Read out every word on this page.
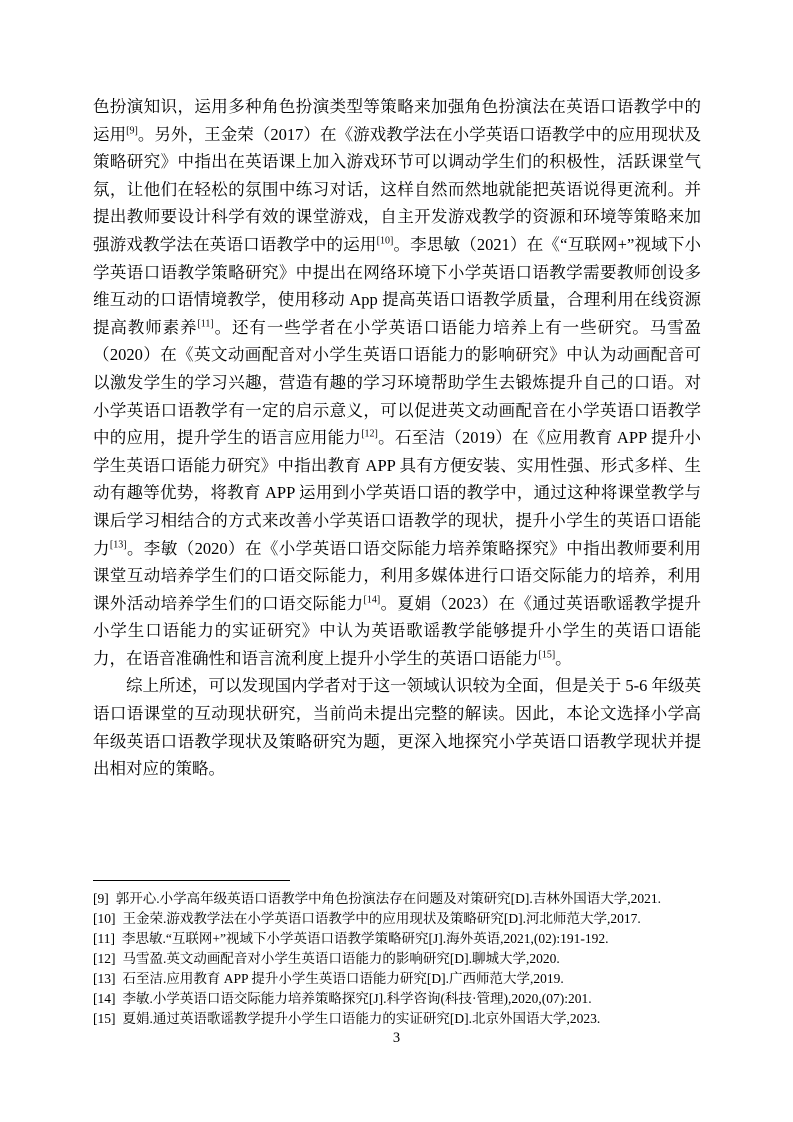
色扮演知识，运用多种角色扮演类型等策略来加强角色扮演法在英语口语教学中的运用[9]。另外，王金荣（2017）在《游戏教学法在小学英语口语教学中的应用现状及策略研究》中指出在英语课上加入游戏环节可以调动学生们的积极性，活跃课堂气氛，让他们在轻松的氛围中练习对话，这样自然而然地就能把英语说得更流利。并提出教师要设计科学有效的课堂游戏，自主开发游戏教学的资源和环境等策略来加强游戏教学法在英语口语教学中的运用[10]。李思敏（2021）在《“互联网+”视域下小学英语口语教学策略研究》中提出在网络环境下小学英语口语教学需要教师创设多维互动的口语情境教学，使用移动 App 提高英语口语教学质量，合理利用在线资源提高教师素养[11]。还有一些学者在小学英语口语能力培养上有一些研究。马雪盈（2020）在《英文动画配音对小学生英语口语能力的影响研究》中认为动画配音可以激发学生的学习兴趣，营造有趣的学习环境帮助学生去锻炼提升自己的口语。对小学英语口语教学有一定的启示意义，可以促进英文动画配音在小学英语口语教学中的应用，提升学生的语言应用能力[12]。石至洁（2019）在《应用教育 APP 提升小学生英语口语能力研究》中指出教育 APP 具有方便安装、实用性强、形式多样、生动有趣等优势，将教育 APP 运用到小学英语口语的教学中，通过这种将课堂教学与课后学习相结合的方式来改善小学英语口语教学的现状，提升小学生的英语口语能力[13]。李敏（2020）在《小学英语口语交际能力培养策略探究》中指出教师要利用课堂互动培养学生们的口语交际能力，利用多媒体进行口语交际能力的培养，利用课外活动培养学生们的口语交际能力[14]。夏娟（2023）在《通过英语歌谣教学提升小学生口语能力的实证研究》中认为英语歌谣教学能够提升小学生的英语口语能力，在语音准确性和语言流利度上提升小学生的英语口语能力[15]。

综上所述，可以发现国内学者对于这一领域认识较为全面，但是关于 5-6 年级英语口语课堂的互动现状研究，当前尚未提出完整的解读。因此，本论文选择小学高年级英语口语教学现状及策略研究为题，更深入地探究小学英语口语教学现状并提出相对应的策略。

[9] 郭开心.小学高年级英语口语教学中角色扮演法存在问题及对策研究[D].吉林外国语大学,2021.
[10] 王金荣.游戏教学法在小学英语口语教学中的应用现状及策略研究[D].河北师范大学,2017.
[11] 李思敏.“互联网+”视域下小学英语口语教学策略研究[J].海外英语,2021,(02):191-192.
[12] 马雪盈.英文动画配音对小学生英语口语能力的影响研究[D].聊城大学,2020.
[13] 石至洁.应用教育 APP 提升小学生英语口语能力研究[D].广西师范大学,2019.
[14] 李敏.小学英语口语交际能力培养策略探究[J].科学咨询(科技·管理),2020,(07):201.
[15] 夏娟.通过英语歌谣教学提升小学生口语能力的实证研究[D].北京外国语大学,2023.
3
